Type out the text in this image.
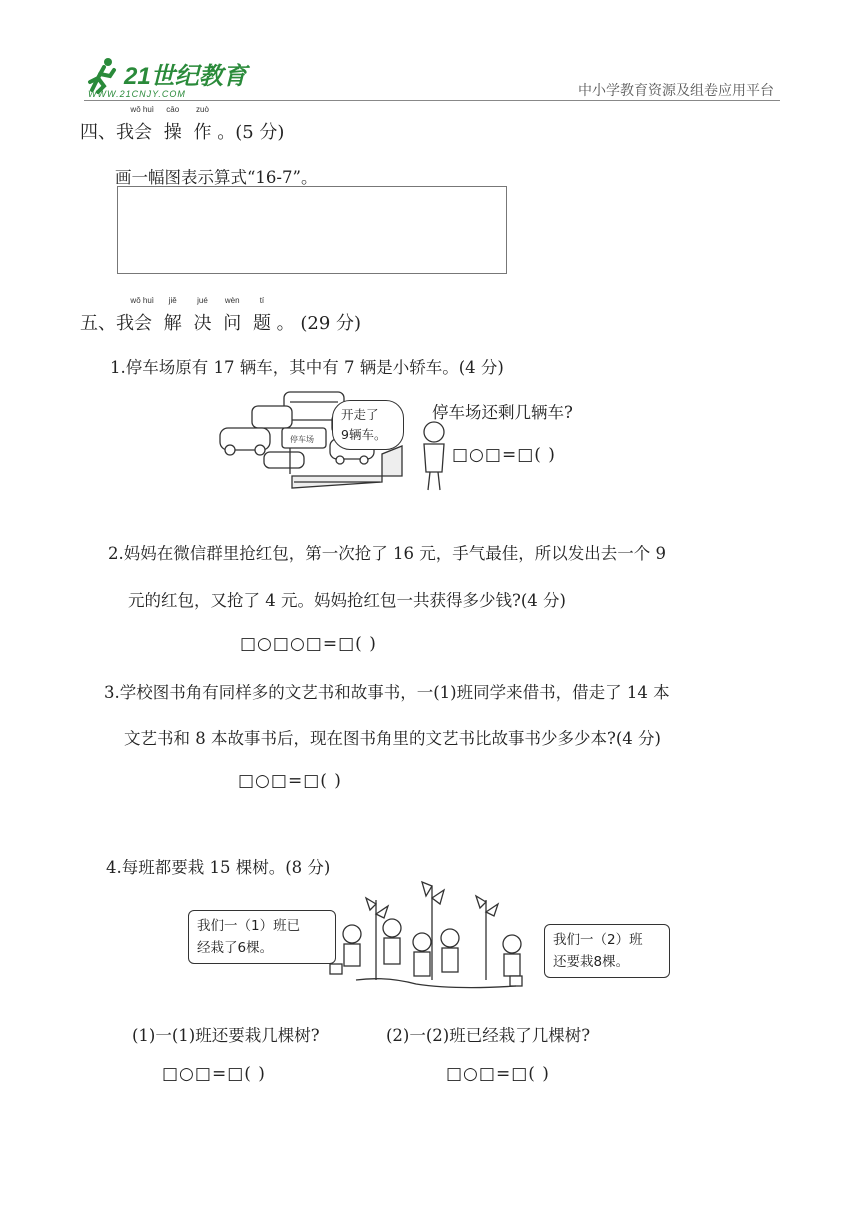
21世纪教育
WWW.21CNJY.COM	中小学教育资源及组卷应用平台
四、我会
wǒ huì
操
cāo
作
zuò
。(5 分)
画一幅图表示算式“16-7”。
五、我会
wǒ huì
解
jiě
决
jué
问
wèn
题
tí
。 (29 分)
1.停车场原有 17 辆车，其中有 7 辆是小轿车。(4 分)
停车场
开走了
9辆车。
停车场还剩几辆车?
□○□=□( )
2.妈妈在微信群里抢红包，第一次抢了 16 元，手气最佳，所以发出去一个 9
元的红包，又抢了 4 元。妈妈抢红包一共获得多少钱?(4 分)
□○□○□=□( )
3.学校图书角有同样多的文艺书和故事书，一(1)班同学来借书，借走了 14 本
文艺书和 8 本故事书后，现在图书角里的文艺书比故事书少多少本?(4 分)
□○□=□( )
4.每班都要栽 15 棵树。(8 分)
我们一（1）班已
经栽了6棵。	我们一（2）班
还要栽8棵。
(1)一(1)班还要栽几棵树?	(2)一(2)班已经栽了几棵树?
□○□=□( )	□○□=□( )
